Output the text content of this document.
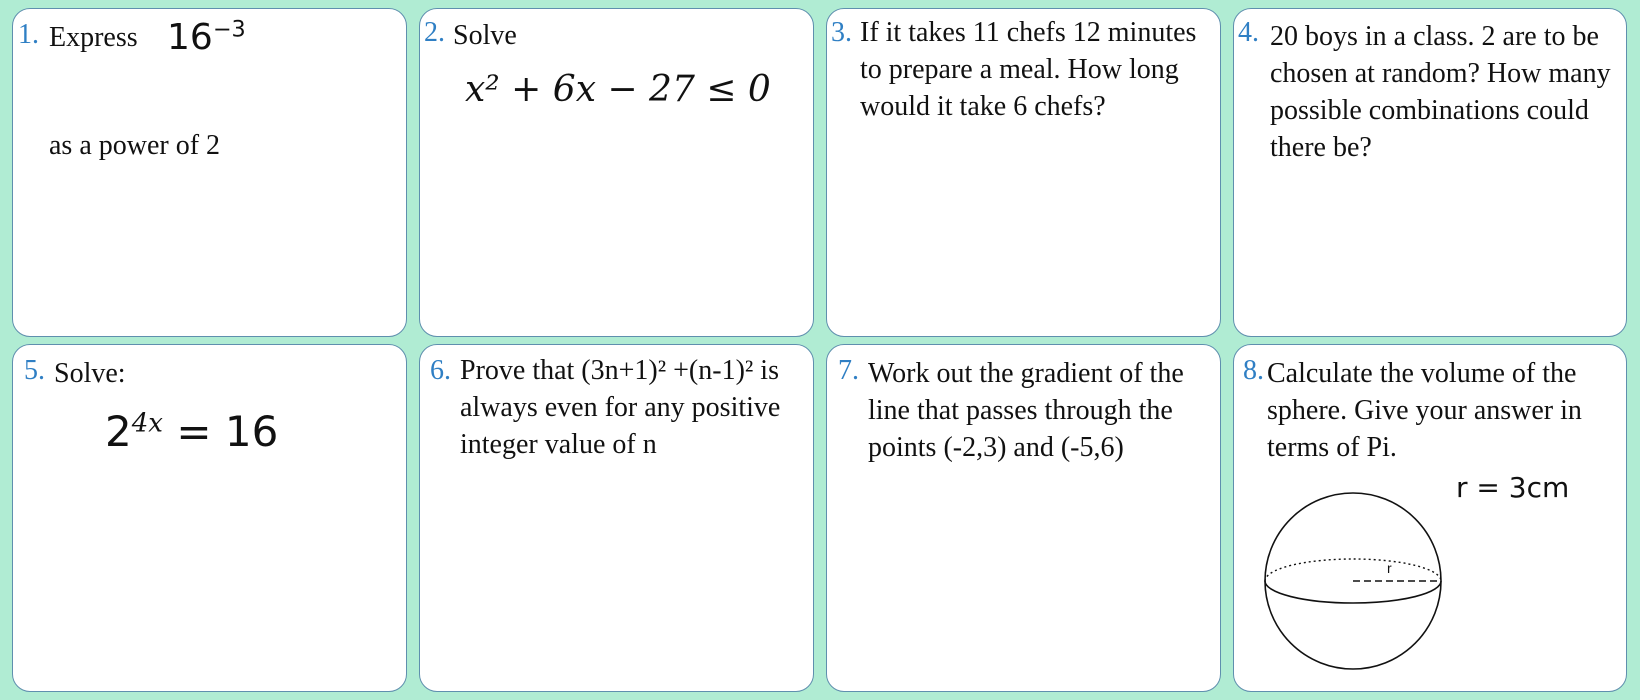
1. Express $16^{-3}$
as a power of 2
2. Solve
x² + 6x − 27 ≤ 0
3. If it takes 11 chefs 12 minutes to prepare a meal. How long would it take 6 chefs?
4. 20 boys in a class. 2 are to be chosen at random? How many possible combinations could there be?
5. Solve:
$2^{4x} = 16$
6. Prove that (3n+1)² +(n-1)² is always even for any positive integer value of n
7. Work out the gradient of the line that passes through the points (-2,3) and (-5,6)
8. Calculate the volume of the sphere. Give your answer in terms of Pi.
r = 3cm
r
